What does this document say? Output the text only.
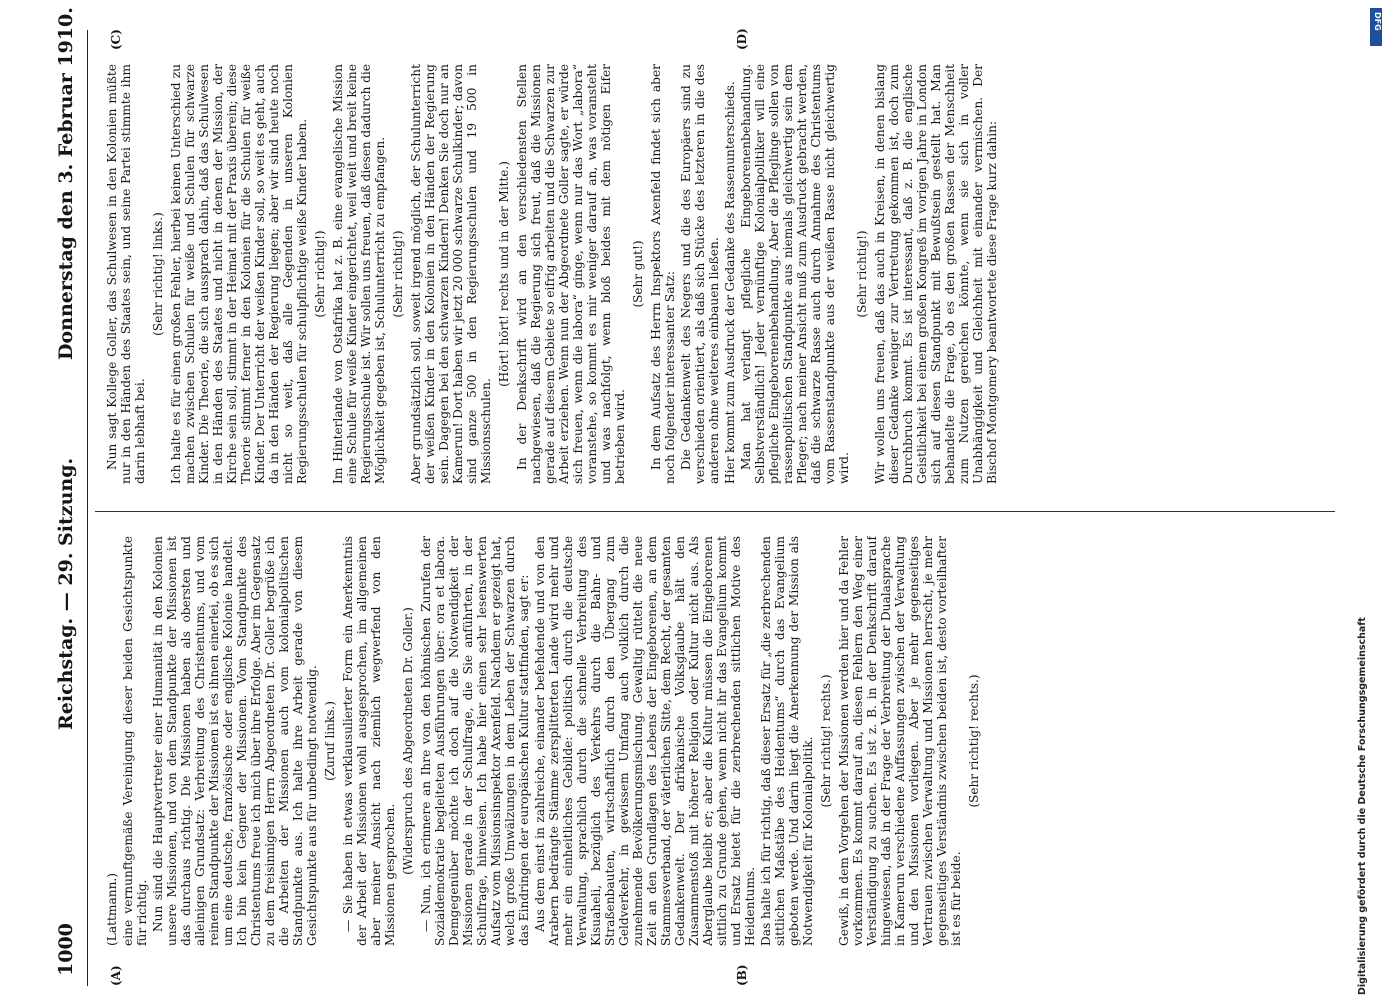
1000
Reichstag. — 29. Sitzung.
Donnerstag den 3. Februar 1910.
(A)	(B)
(C)	(D)

(Lattmann.) eine vernunftgemäße Vereinigung dieser beiden Gesichtspunkte für richtig. Nun sind die Hauptvertreter einer Humanität in den Kolonien unsere Missionen, und von dem Standpunkte der Missionen ist das durchaus richtig. Die Missionen haben als obersten und alleinigen Grundsatz: Verbreitung des Christentums, und vom reinem Standpunkte der Missionen ist es ihnen einerlei, ob es sich um eine deutsche, französische oder englische Kolonie handelt. Ich bin kein Gegner der Missionen. Vom Standpunkte des Christentums freue ich mich über ihre Erfolge. Aber im Gegensatz zu dem freisinnigen Herrn Abgeordneten Dr. Goller begrüße ich die Arbeiten der Missionen auch vom kolonialpolitischen Standpunkte aus. Ich halte ihre Arbeit gerade von diesem Gesichtspunkte aus für unbedingt notwendig. (Zuruf links.) — Sie haben in etwas verklausulierter Form ein Anerkenntnis der Arbeit der Missionen wohl ausgesprochen, im allgemeinen aber meiner Ansicht nach ziemlich wegwerfend von den Missionen gesprochen. (Widerspruch des Abgeordneten Dr. Goller.) — Nun, ich erinnere an Ihre von den höhnischen Zurufen der Sozialdemokratie begleiteten Ausführungen über: ora et labora. Demgegenüber möchte ich doch auf die Notwendigkeit der Missionen gerade in der Schulfrage, die Sie anführten, in der Schulfrage, hinweisen. Ich habe hier einen sehr lesenswerten Aufsatz vom Missionsinspektor Axenfeld. Nachdem er gezeigt hat, welch große Umwälzungen in dem Leben der Schwarzen durch das Eindringen der europäischen Kultur stattfinden, sagt er: Aus dem einst in zahlreiche, einander befehdende und von den Arabern bedrängte Stämme zersplitterten Lande wird mehr und mehr ein einheitliches Gebilde: politisch durch die deutsche Verwaltung, sprachlich durch die schnelle Verbreitung des Kisuaheli, bezüglich des Verkehrs durch die Bahn- und Straßenbauten, wirtschaftlich durch den Übergang zum Geldverkehr, in gewissem Umfang auch volklich durch die zunehmende Bevölkerungsmischung. Gewaltig rüttelt die neue Zeit an den Grundlagen des Lebens der Eingeborenen, an dem Stammesverband, der väterlichen Sitte, dem Recht, der gesamten Gedankenwelt. Der afrikanische Volksglaube hält den Zusammenstoß mit höherer Religion oder Kultur nicht aus. Als Aberglaube bleibt er; aber die Kultur müssen die Eingeborenen sittlich zu Grunde gehen, wenn nicht ihr das Evangelium kommt und Ersatz bietet für die zerbrechenden sittlichen Motive des Heidentums. Das halte ich für richtig, daß dieser Ersatz für „die zerbrechenden sittlichen Maßstäbe des Heidentums“ durch das Evangelium geboten werde. Und darin liegt die Anerkennung der Mission als Notwendigkeit für Kolonialpolitik. (Sehr richtig! rechts.) Gewiß, in dem Vorgehen der Missionen werden hier und da Fehler vorkommen. Es kommt darauf an, diesen Fehlern den Weg einer Verständigung zu suchen. Es ist z. B. in der Denkschrift darauf hingewiesen, daß in der Frage der Verbreitung der Dualasprache in Kamerun verschiedene Auffassungen zwischen der Verwaltung und den Missionen vorliegen. Aber je mehr gegenseitiges Vertrauen zwischen Verwaltung und Missionen herrscht, je mehr gegenseitiges Verständnis zwischen beiden ist, desto vorteilhafter ist es für beide.

(Sehr richtig! rechts.)

Nun sagt Kollege Goller, das Schulwesen in den Kolonien müßte nur in den Händen des Staates sein, und seine Partei stimmte ihm darin lebhaft bei.

(Sehr richtig! links.) Ich halte es für einen großen Fehler, hierbei keinen Unterschied zu machen zwischen Schulen für weiße und Schulen für schwarze Kinder. Die Theorie, die sich aussprach dahin, daß das Schulwesen in den Händen des Staates und nicht in denen der Mission, der Kirche sein soll, stimmt in der Heimat mit der Praxis überein; diese Theorie stimmt ferner in den Kolonien für die Schulen für weiße Kinder. Der Unterricht der weißen Kinder soll, so weit es geht, auch da in den Händen der Regierung liegen; aber wir sind heute noch nicht so weit, daß alle Gegenden in unseren Kolonien Regierungsschulen für schulpflichtige weiße Kinder haben. (Sehr richtig!) Im Hinterlande von Ostafrika hat z. B. eine evangelische Mission eine Schule für weiße Kinder eingerichtet, weil weit und breit keine Regierungsschule ist. Wir sollen uns freuen, daß diesen dadurch die Möglichkeit gegeben ist, Schulunterricht zu empfangen. (Sehr richtig!) Aber grundsätzlich soll, soweit irgend möglich, der Schulunterricht der weißen Kinder in den Kolonien in den Händen der Regierung sein. Dagegen bei den schwarzen Kindern! Denken Sie doch nur an Kamerun! Dort haben wir jetzt 20 000 schwarze Schulkinder; davon sind ganze 500 in den Regierungsschulen und 19 500 in Missionsschulen.

(Hört! hört! rechts und in der Mitte.) In der Denkschrift wird an den verschiedensten Stellen nachgewiesen, daß die Regierung sich freut, daß die Missionen gerade auf diesem Gebiete so eifrig arbeiten und die Schwarzen zur Arbeit erziehen. Wenn nun der Abgeordnete Goller sagte, er würde sich freuen, wenn die labora“ ginge, wenn nur das Wort „labora“ voranstehe, so kommt es mir weniger darauf an, was voransteht und was nachfolgt, wenn bloß beides mit dem nötigen Eifer betrieben wird.

(Sehr gut!) In dem Aufsatz des Herrn Inspektors Axenfeld findet sich aber noch folgender interessanter Satz: Die Gedankenwelt des Negers und die des Europäers sind zu verschieden orientiert, als daß sich Stücke des letzteren in die des anderen ohne weiteres einbauen ließen. Hier kommt zum Ausdruck der Gedanke des Rassenunterschieds. Man hat verlangt pflegliche Eingeborenenbehandlung. Selbstverständlich! Jeder vernünftige Kolonialpolitiker will eine pflegliche Eingeborenenbehandlung. Aber die Pfleglinge sollen von rassenpolitischen Standpunkte aus niemals gleichwertig sein dem Pfleger; nach meiner Ansicht muß zum Ausdruck gebracht werden, daß die schwarze Rasse auch durch Annahme des Christentums vom Rassenstandpunkte aus der weißen Rasse nicht gleichwertig wird.

(Sehr richtig!) Wir wollen uns freuen, daß das auch in Kreisen, in denen bislang dieser Gedanke weniger zur Vertretung gekommen ist, doch zum Durchbruch kommt. Es ist interessant, daß z. B. die englische Geistlichkeit bei einem großen Kongreß im vorigen Jahre in London sich auf diesen Standpunkt mit Bewußtsein gestellt hat. Man behandelte die Frage, ob es den großen Rassen der Menschheit zum Nutzen gereichen könnte, wenn sie sich in voller Unabhängigkeit und Gleichheit mit einander vermischen. Der Bischof Montgomery beantwortete diese Frage kurz dahin:

Digitalisierung gefördert durch die Deutsche Forschungsgemeinschaft
DFG
